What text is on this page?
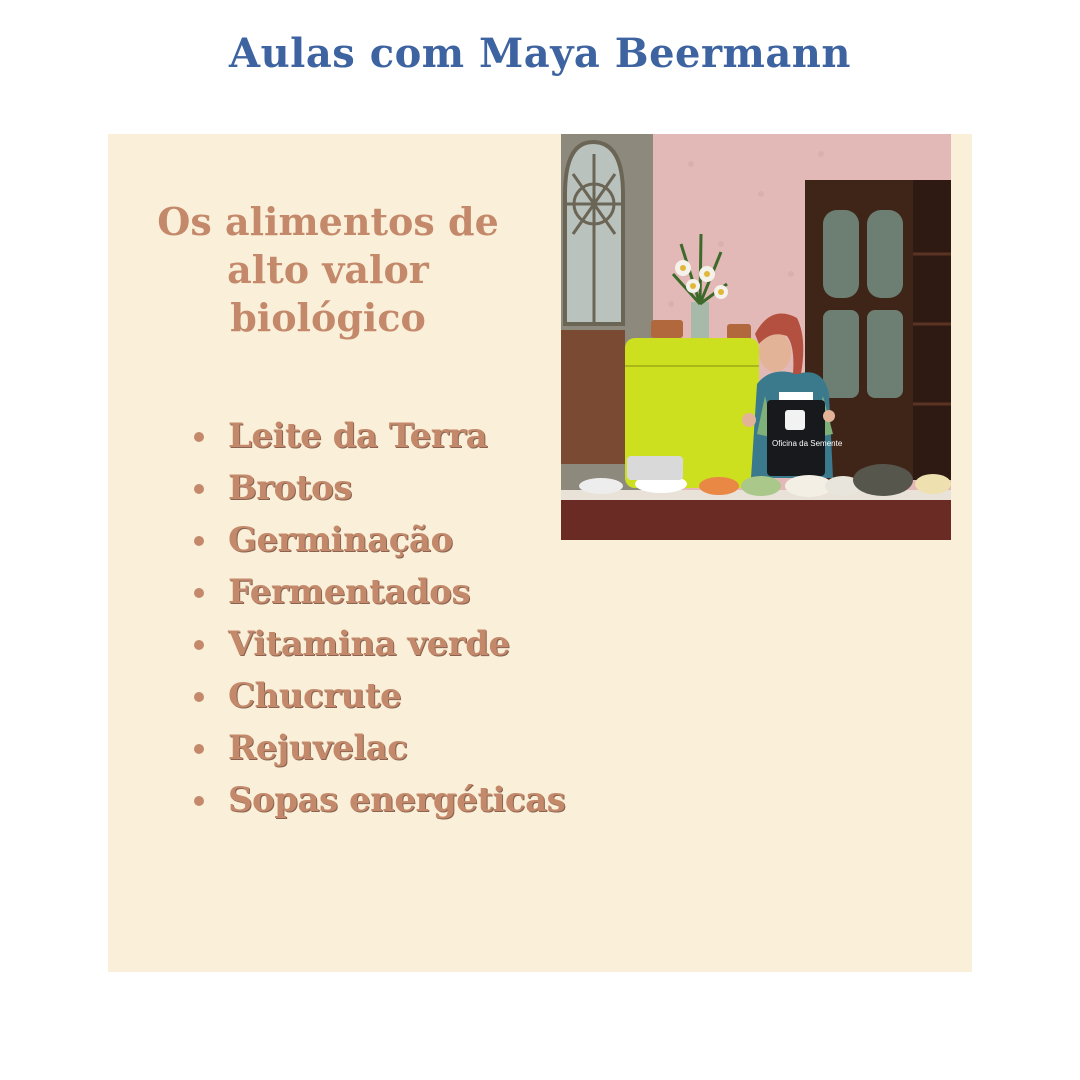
Aulas com Maya Beermann
Os alimentos de alto valor biológico
Leite da Terra
Brotos
Germinação
Fermentados
Vitamina verde
Chucrute
Rejuvelac
Sopas energéticas
Oficina da Semente
